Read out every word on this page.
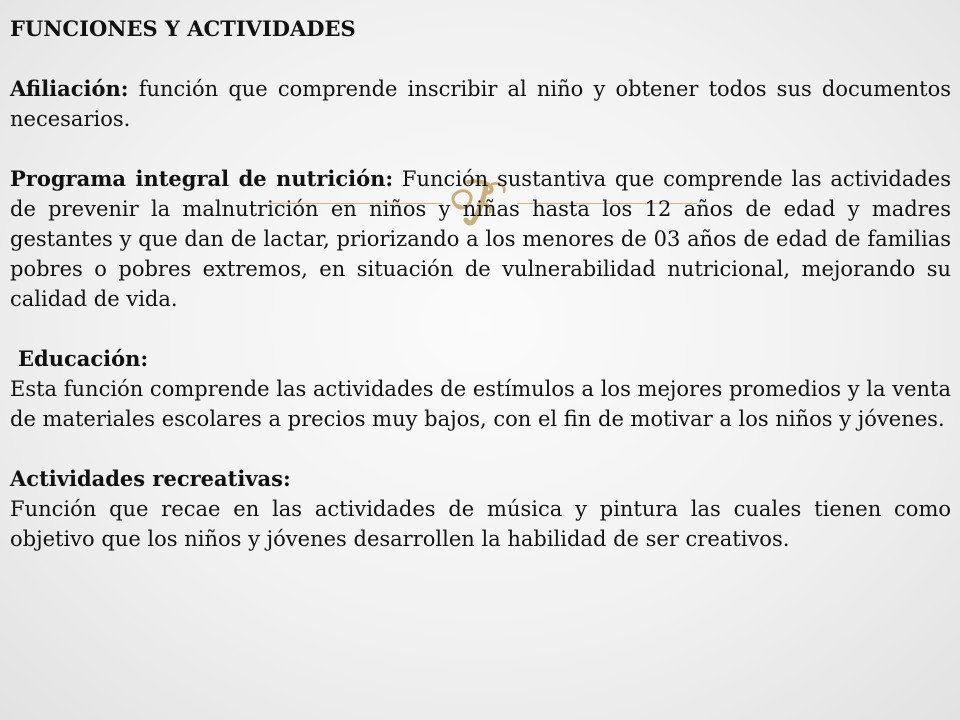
FUNCIONES Y ACTIVIDADES

Afiliación: función que comprende inscribir al niño y obtener todos sus documentos necesarios.

Programa integral de nutrición: Función sustantiva que comprende las actividades de prevenir la malnutrición en niños y niñas hasta los 12 años de edad y madres gestantes y que dan de lactar, priorizando a los menores de 03 años de edad de familias pobres o pobres extremos, en situación de vulnerabilidad nutricional, mejorando su calidad de vida.

Educación:

Esta función comprende las actividades de estímulos a los mejores promedios y la venta de materiales escolares a precios muy bajos, con el fin de motivar a los niños y jóvenes.

Actividades recreativas:

Función que recae en las actividades de música y pintura las cuales tienen como objetivo que los niños y jóvenes desarrollen la habilidad de ser creativos.
